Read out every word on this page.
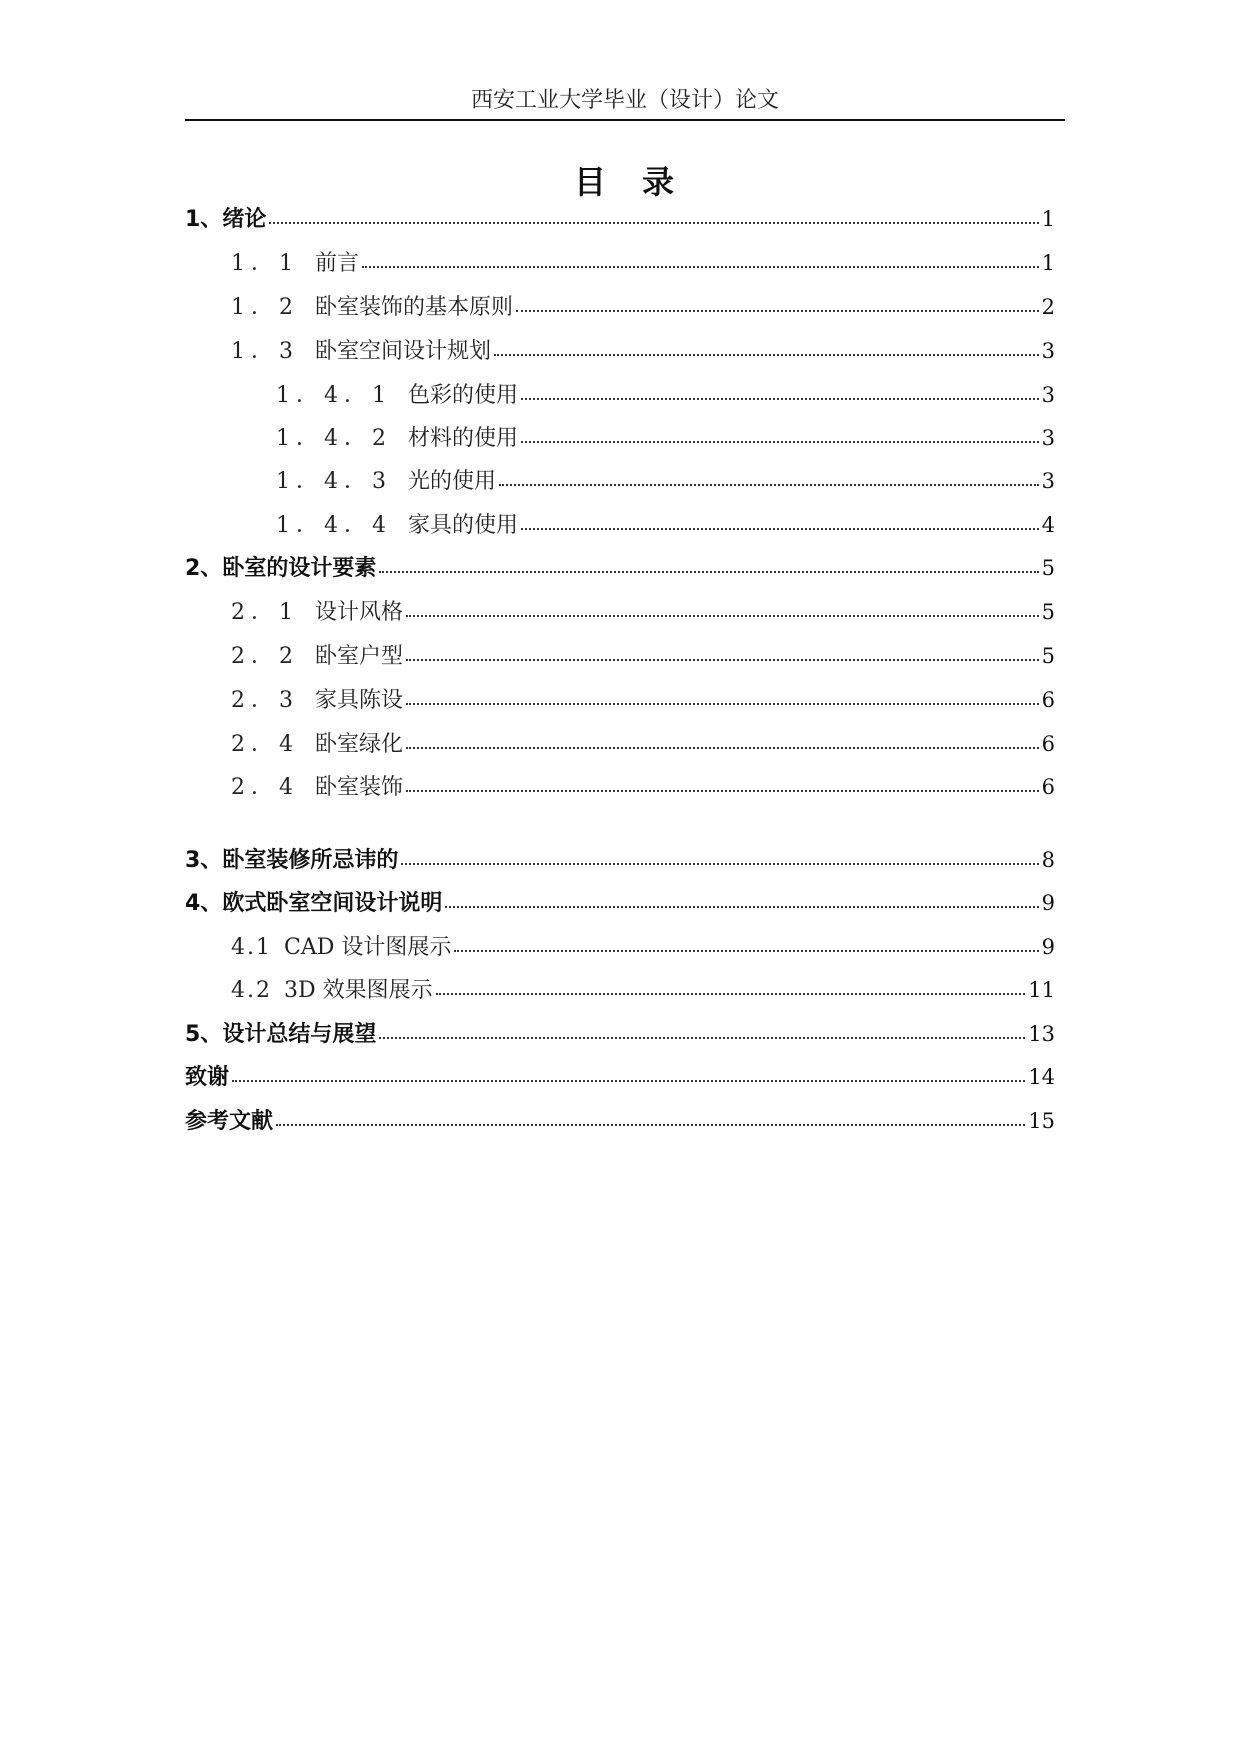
西安工业大学毕业（设计）论文
目　录
1、 绪论	1
1．1 前言	1
1．2 卧室装饰的基本原则	2
1．3 卧室空间设计规划	3
1．4．1 色彩的使用	3
1．4．2 材料的使用	3
1．4．3 光的使用	3
1．4．4 家具的使用	4
2、 卧室的设计要素	5
2．1 设计风格	5
2．2 卧室户型	5
2．3 家具陈设	6
2．4 卧室绿化	6
2．4 卧室装饰	6
3、 卧室装修所忌讳的	8
4、 欧式卧室空间设计说明	9
4.1 CAD 设计图展示	9
4.2 3D 效果图展示	11
5、 设计总结与展望	13
致谢	14
参考文献	15
